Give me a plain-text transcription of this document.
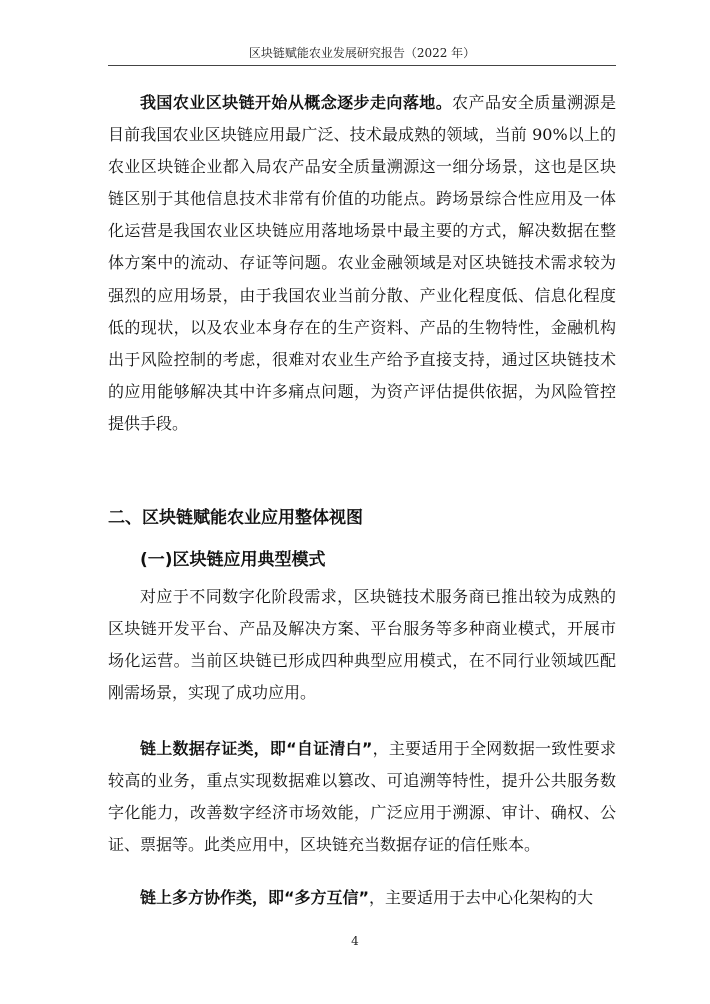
区块链赋能农业发展研究报告（2022 年）

我国农业区块链开始从概念逐步走向落地。农产品安全质量溯源是目前我国农业区块链应用最广泛、技术最成熟的领域，当前 90%以上的农业区块链企业都入局农产品安全质量溯源这一细分场景，这也是区块链区别于其他信息技术非常有价值的功能点。跨场景综合性应用及一体化运营是我国农业区块链应用落地场景中最主要的方式，解决数据在整体方案中的流动、存证等问题。农业金融领域是对区块链技术需求较为强烈的应用场景，由于我国农业当前分散、产业化程度低、信息化程度低的现状，以及农业本身存在的生产资料、产品的生物特性，金融机构出于风险控制的考虑，很难对农业生产给予直接支持，通过区块链技术的应用能够解决其中许多痛点问题，为资产评估提供依据，为风险管控提供手段。

二、区块链赋能农业应用整体视图
(一)区块链应用典型模式

对应于不同数字化阶段需求，区块链技术服务商已推出较为成熟的区块链开发平台、产品及解决方案、平台服务等多种商业模式，开展市场化运营。当前区块链已形成四种典型应用模式，在不同行业领域匹配刚需场景，实现了成功应用。

链上数据存证类，即“自证清白”，主要适用于全网数据一致性要求较高的业务，重点实现数据难以篡改、可追溯等特性，提升公共服务数字化能力，改善数字经济市场效能，广泛应用于溯源、审计、确权、公证、票据等。此类应用中，区块链充当数据存证的信任账本。

链上多方协作类，即“多方互信”，主要适用于去中心化架构的大

4
